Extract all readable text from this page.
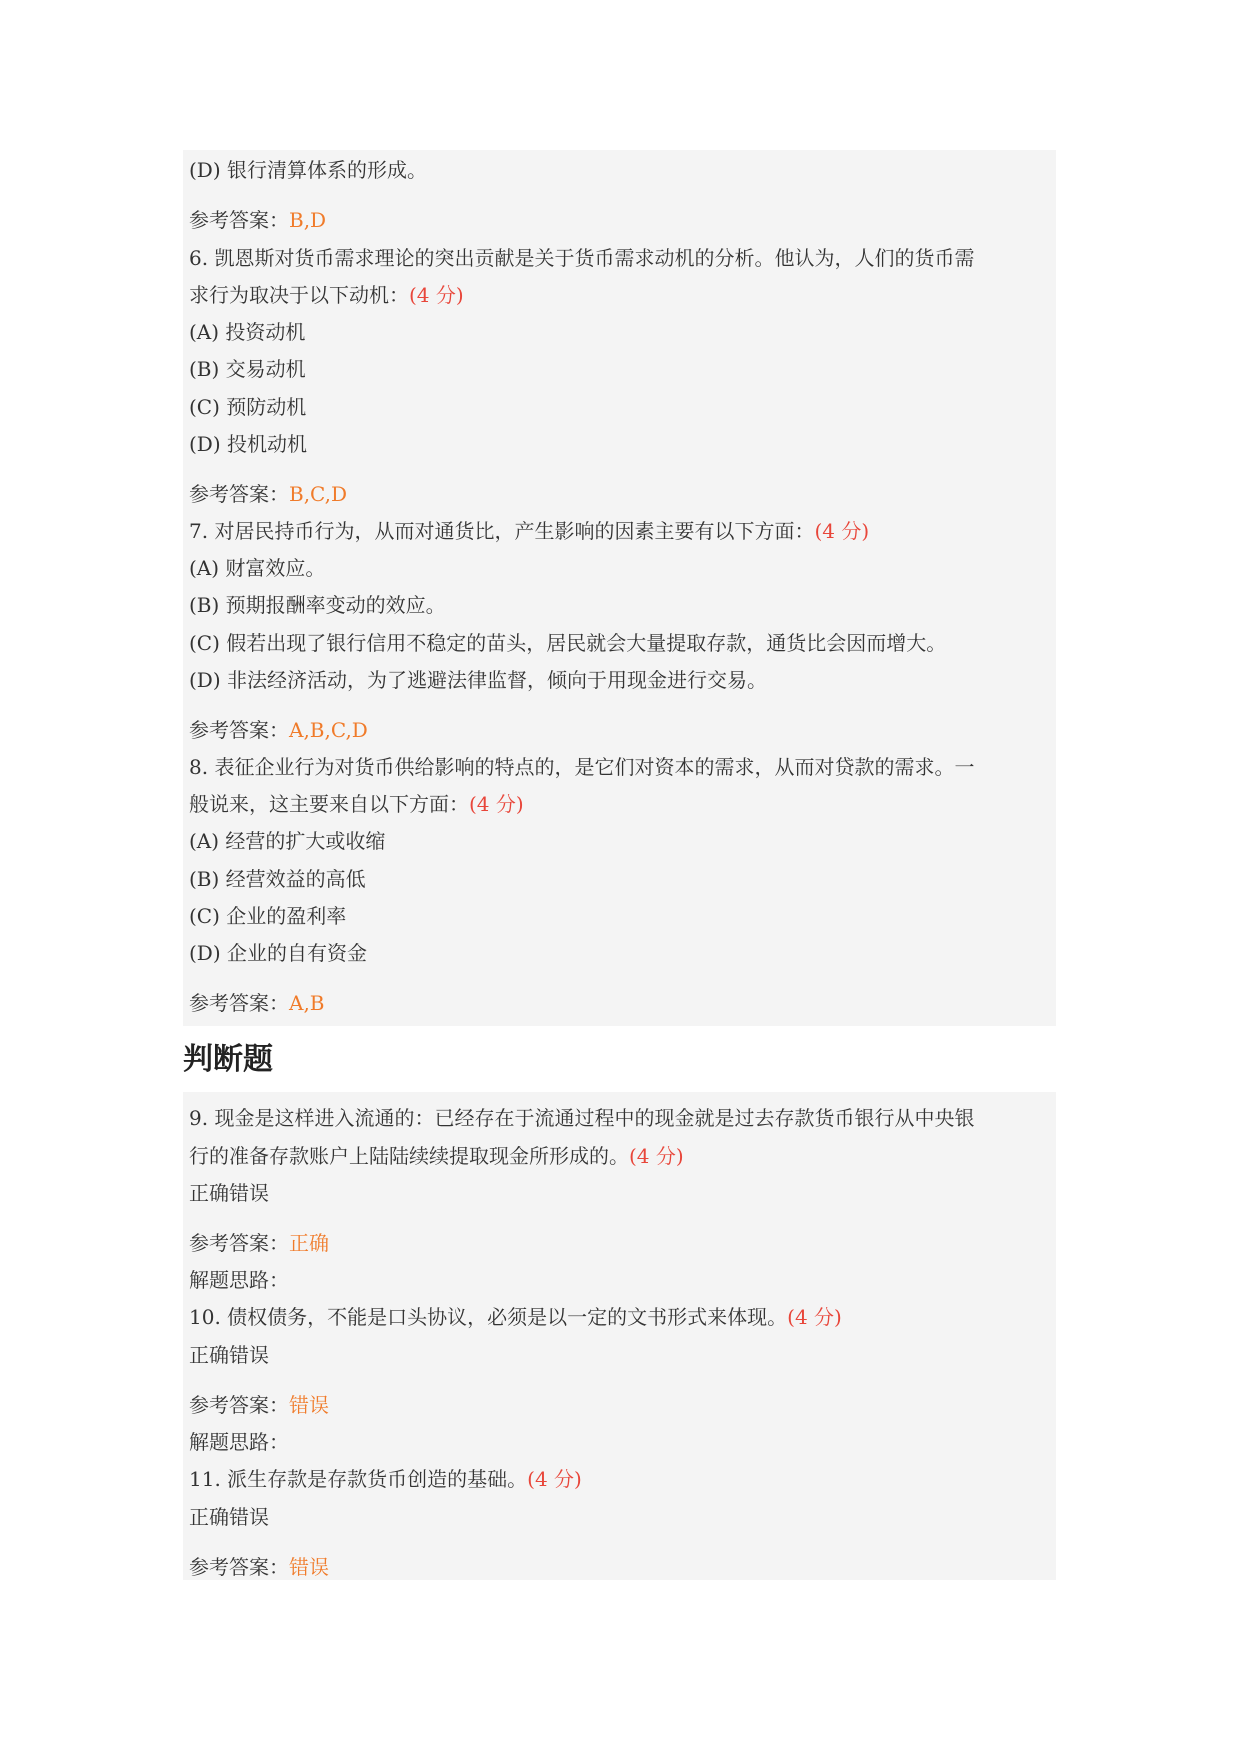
(D) 银行清算体系的形成。
参考答案：B,D
6. 凯恩斯对货币需求理论的突出贡献是关于货币需求动机的分析。他认为，人们的货币需
求行为取决于以下动机：(4 分)
(A) 投资动机
(B) 交易动机
(C) 预防动机
(D) 投机动机
参考答案：B,C,D
7. 对居民持币行为，从而对通货比，产生影响的因素主要有以下方面：(4 分)
(A) 财富效应。
(B) 预期报酬率变动的效应。
(C) 假若出现了银行信用不稳定的苗头，居民就会大量提取存款，通货比会因而增大。
(D) 非法经济活动，为了逃避法律监督，倾向于用现金进行交易。
参考答案：A,B,C,D
8. 表征企业行为对货币供给影响的特点的，是它们对资本的需求，从而对贷款的需求。一
般说来，这主要来自以下方面：(4 分)
(A) 经营的扩大或收缩
(B) 经营效益的高低
(C) 企业的盈利率
(D) 企业的自有资金
参考答案：A,B
判断题
9. 现金是这样进入流通的：已经存在于流通过程中的现金就是过去存款货币银行从中央银
行的准备存款账户上陆陆续续提取现金所形成的。(4 分)
正确错误
参考答案：正确
解题思路：
10. 债权债务，不能是口头协议，必须是以一定的文书形式来体现。(4 分)
正确错误
参考答案：错误
解题思路：
11. 派生存款是存款货币创造的基础。(4 分)
正确错误
参考答案：错误
